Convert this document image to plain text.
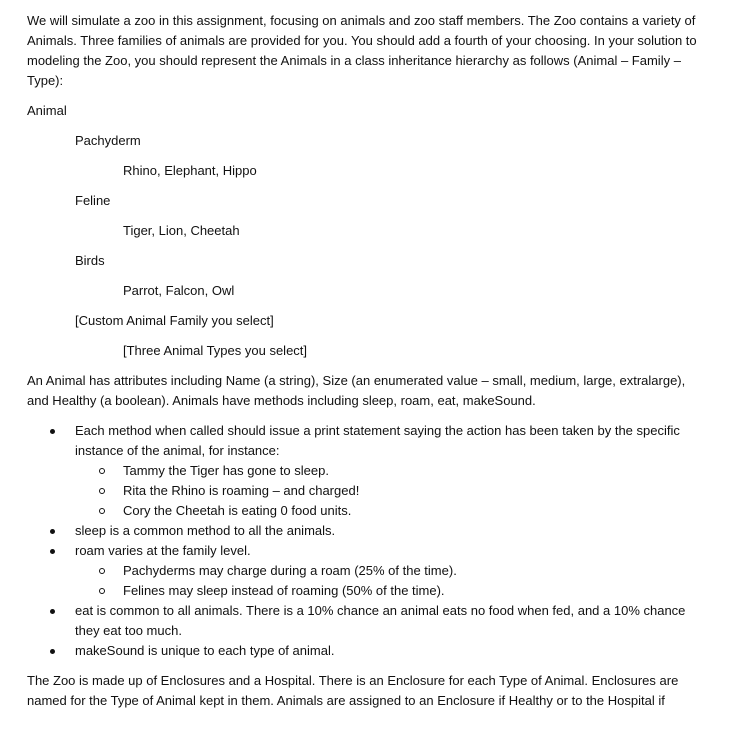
We will simulate a zoo in this assignment, focusing on animals and zoo staff members. The Zoo contains a variety of Animals. Three families of animals are provided for you. You should add a fourth of your choosing. In your solution to modeling the Zoo, you should represent the Animals in a class inheritance hierarchy as follows (Animal – Family – Type):

Animal

Pachyderm

Rhino, Elephant, Hippo

Feline

Tiger, Lion, Cheetah

Birds

Parrot, Falcon, Owl

[Custom Animal Family you select]

[Three Animal Types you select]

An Animal has attributes including Name (a string), Size (an enumerated value – small, medium, large, extralarge), and Healthy (a boolean). Animals have methods including sleep, roam, eat, makeSound.

Each method when called should issue a print statement saying the action has been taken by the specific instance of the animal, for instance:
Tammy the Tiger has gone to sleep.
Rita the Rhino is roaming – and charged!
Cory the Cheetah is eating 0 food units.
sleep is a common method to all the animals.
roam varies at the family level.
Pachyderms may charge during a roam (25% of the time).
Felines may sleep instead of roaming (50% of the time).
eat is common to all animals. There is a 10% chance an animal eats no food when fed, and a 10% chance they eat too much.
makeSound is unique to each type of animal.

The Zoo is made up of Enclosures and a Hospital. There is an Enclosure for each Type of Animal. Enclosures are named for the Type of Animal kept in them. Animals are assigned to an Enclosure if Healthy or to the Hospital if
